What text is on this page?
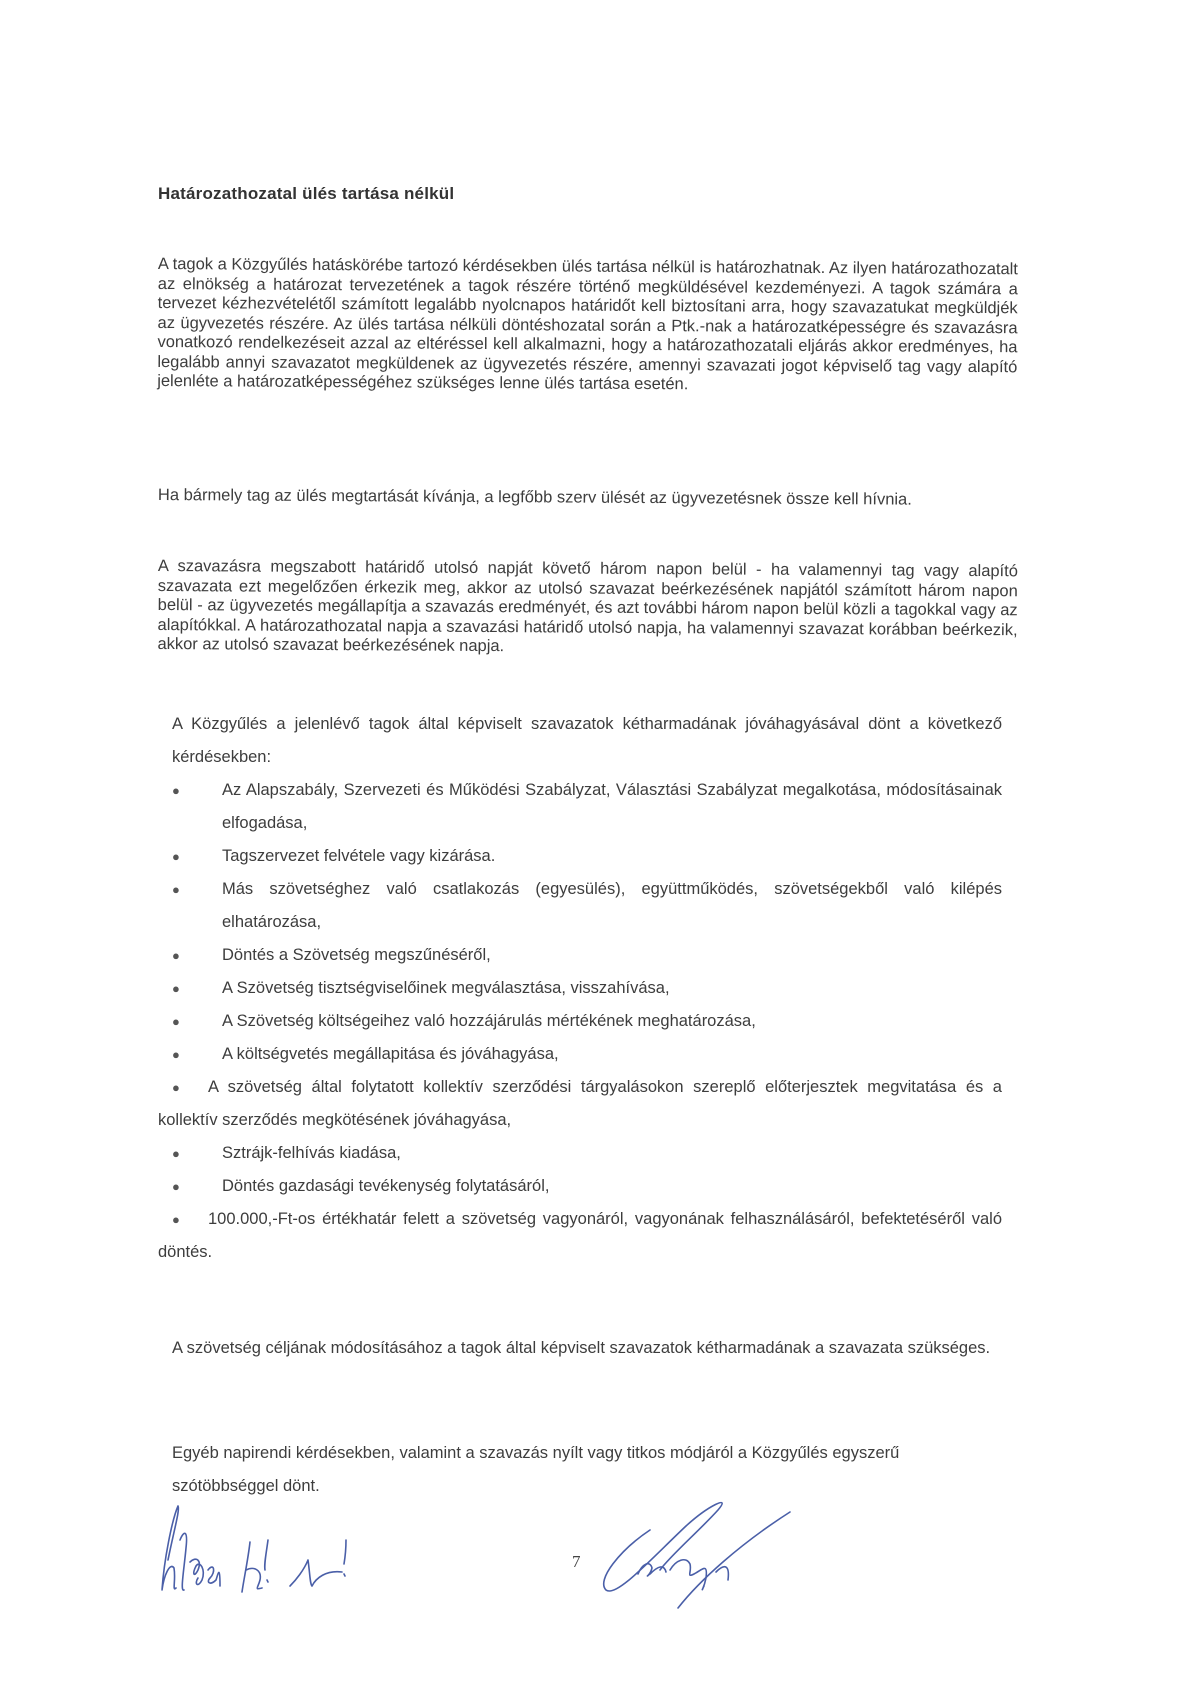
Határozathozatal ülés tartása nélkül

A tagok a Közgyűlés hatáskörébe tartozó kérdésekben ülés tartása nélkül is határozhatnak. Az ilyen határozathozatalt az elnökség a határozat tervezetének a tagok részére történő megküldésével kezdeményezi. A tagok számára a tervezet kézhezvételétől számított legalább nyolcnapos határidőt kell biztosítani arra, hogy szavazatukat megküldjék az ügyvezetés részére. Az ülés tartása nélküli döntéshozatal során a Ptk.-nak a határozatképességre és szavazásra vonatkozó rendelkezéseit azzal az eltéréssel kell alkalmazni, hogy a határozathozatali eljárás akkor eredményes, ha legalább annyi szavazatot megküldenek az ügyvezetés részére, amennyi szavazati jogot képviselő tag vagy alapító jelenléte a határozatképességéhez szükséges lenne ülés tartása esetén.

Ha bármely tag az ülés megtartását kívánja, a legfőbb szerv ülését az ügyvezetésnek össze kell hívnia.

A szavazásra megszabott határidő utolsó napját követő három napon belül - ha valamennyi tag vagy alapító szavazata ezt megelőzően érkezik meg, akkor az utolsó szavazat beérkezésének napjától számított három napon belül - az ügyvezetés megállapítja a szavazás eredményét, és azt további három napon belül közli a tagokkal vagy az alapítókkal. A határozathozatal napja a szavazási határidő utolsó napja, ha valamennyi szavazat korábban beérkezik, akkor az utolsó szavazat beérkezésének napja.

A Közgyűlés a jelenlévő tagok által képviselt szavazatok kétharmadának jóváhagyásával dönt a következő kérdésekben:

●	Az Alapszabály, Szervezeti és Működési Szabályzat, Választási Szabályzat megalkotása, módosításainak elfogadása,
●	Tagszervezet felvétele vagy kizárása.
●	Más szövetséghez való csatlakozás (egyesülés), együttműködés, szövetségekből való kilépés elhatározása,
●	Döntés a Szövetség megszűnéséről,
●	A Szövetség tisztségviselőinek megválasztása, visszahívása,
●	A Szövetség költségeihez való hozzájárulás mértékének meghatározása,
●	A költségvetés megállapitása és jóváhagyása,
● A szövetség által folytatott kollektív szerződési tárgyalásokon szereplő előterjesztek megvitatása és a kollektív szerződés megkötésének jóváhagyása,
●	Sztrájk-felhívás kiadása,
●	Döntés gazdasági tevékenység folytatásáról,
● 100.000,-Ft-os értékhatár felett a szövetség vagyonáról, vagyonának felhasználásáról, befektetéséről való döntés.

A szövetség céljának módosításához a tagok által képviselt szavazatok kétharmadának a szavazata szükséges.

Egyéb napirendi kérdésekben, valamint a szavazás nyílt vagy titkos módjáról a Közgyűlés egyszerű szótöbbséggel dönt.

7
